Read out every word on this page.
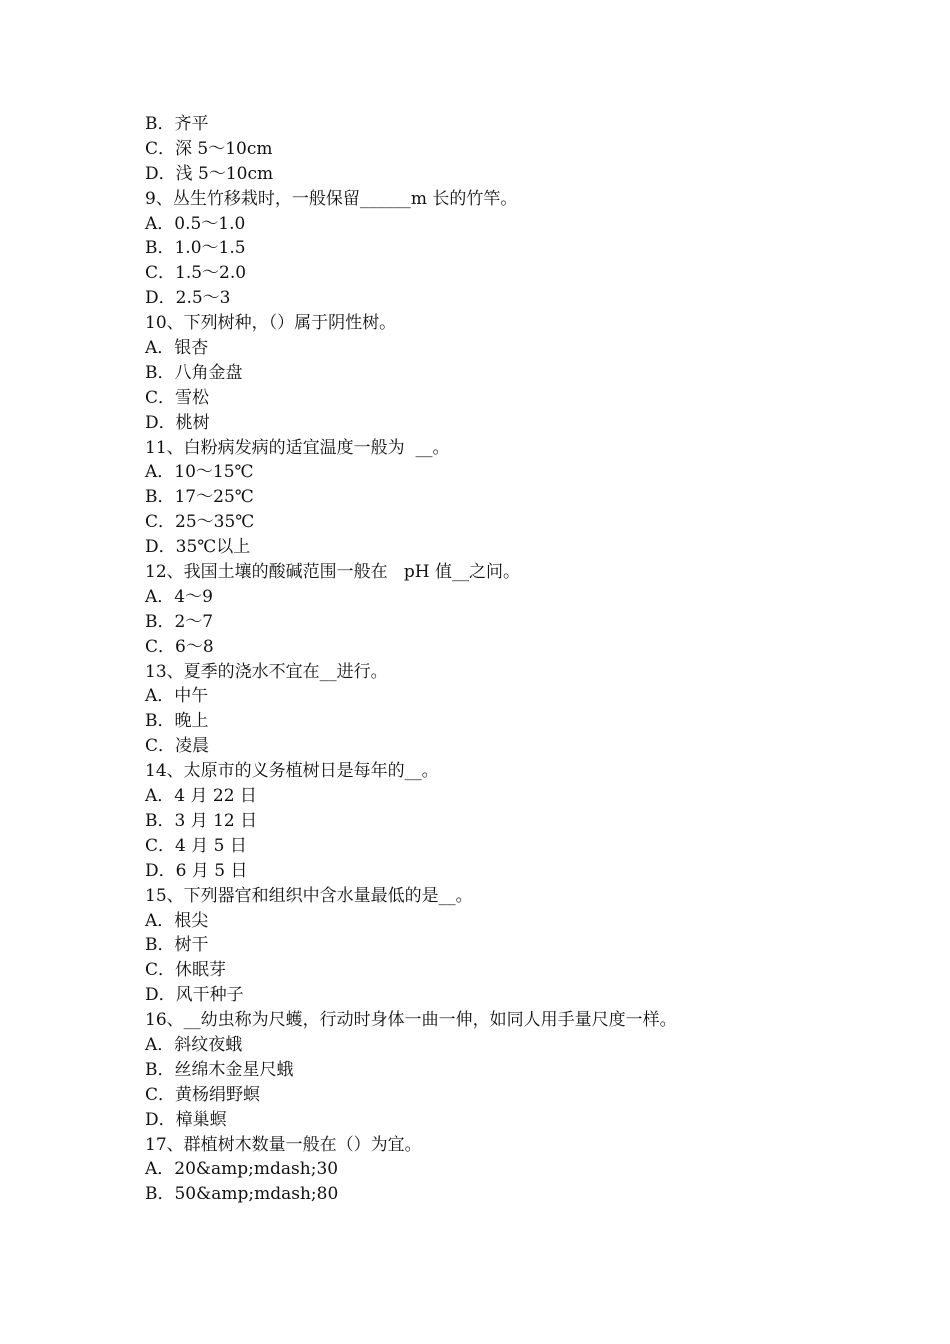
B．齐平
C．深 5～10cm
D．浅 5～10cm
9、丛生竹移栽时，一般保留______m 长的竹竿。
A．0.5～1.0
B．1.0～1.5
C．1.5～2.0
D．2.5～3
10、下列树种，（）属于阴性树。
A．银杏
B．八角金盘
C．雪松
D．桃树
11、白粉病发病的适宜温度一般为  __。
A．10～15℃
B．17～25℃
C．25～35℃
D．35℃以上
12、我国土壤的酸碱范围一般在   pH 值__之问。
A．4～9
B．2～7
C．6～8
13、夏季的浇水不宜在__进行。
A．中午
B．晚上
C．凌晨
14、太原市的义务植树日是每年的__。
A．4 月 22 日
B．3 月 12 日
C．4 月 5 日
D．6 月 5 日
15、下列器官和组织中含水量最低的是__。
A．根尖
B．树干
C．休眠芽
D．风干种子
16、__幼虫称为尺蠖，行动时身体一曲一伸，如同人用手量尺度一样。
A．斜纹夜蛾
B．丝绵木金星尺蛾
C．黄杨绢野螟
D．樟巢螟
17、群植树木数量一般在（）为宜。
A．20&amp;mdash;30
B．50&amp;mdash;80
